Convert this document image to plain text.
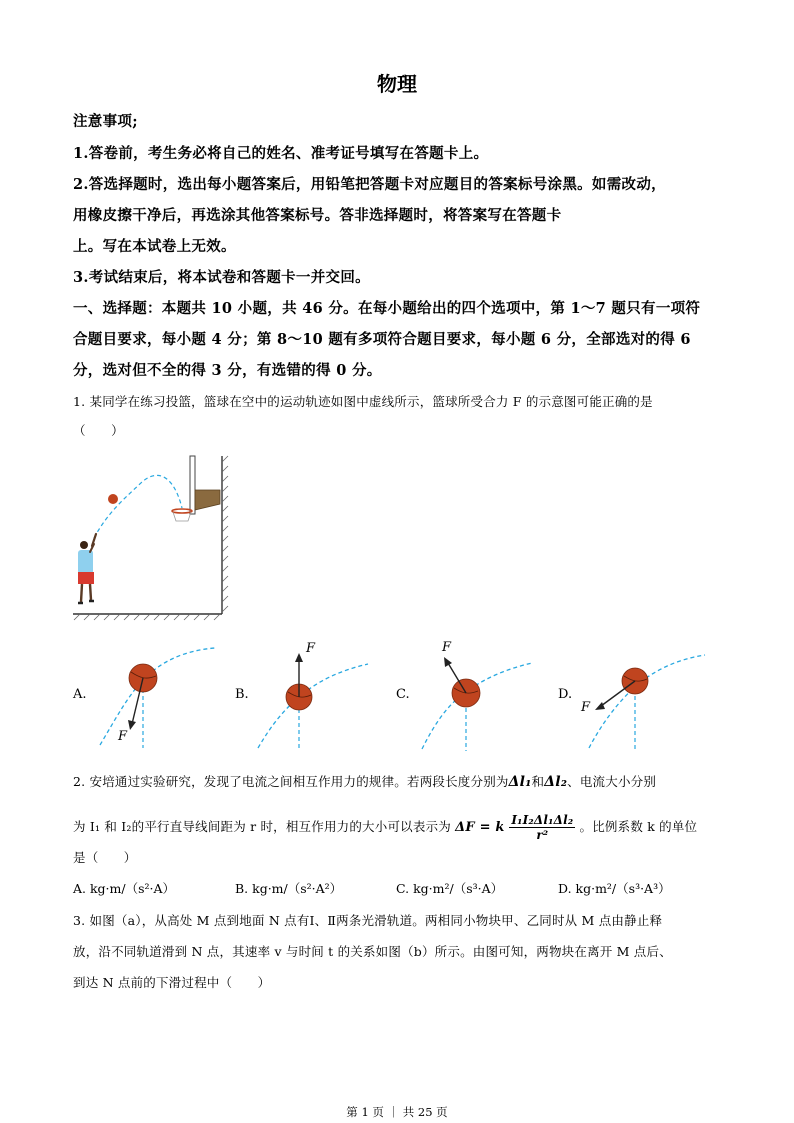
物理
注意事项;
1.答卷前，考生务必将自己的姓名、准考证号填写在答题卡上。
2.答选择题时，选出每小题答案后，用铅笔把答题卡对应题目的答案标号涂黑。如需改动，
用橡皮擦干净后，再选涂其他答案标号。答非选择题时，将答案写在答题卡
上。写在本试卷上无效。
3.考试结束后，将本试卷和答题卡一并交回。
一、选择题：本题共 10 小题，共 46 分。在每小题给出的四个选项中，第 1～7 题只有一项符
合题目要求，每小题 4 分；第 8～10 题有多项符合题目要求，每小题 6 分，全部选对的得 6
分，选对但不全的得 3 分，有选错的得 0 分。
1. 某同学在练习投篮，篮球在空中的运动轨迹如图中虚线所示，篮球所受合力 F 的示意图可能正确的是
（　　）
A.
F
B.
F
C.
F
D.
F
2. 安培通过实验研究，发现了电流之间相互作用力的规律。若两段长度分别为Δl₁和Δl₂、电流大小分别
为 I₁ 和 I₂的平行直导线间距为 r 时，相互作用力的大小可以表示为 ΔF = k $\frac{\text{I₁I₂Δl₁Δl₂}}{\text{r²}}$ 。比例系数 k 的单位
是（　　）
A. kg·m/（s²·A）	B. kg·m/（s²·A²）	C. kg·m²/（s³·A）	D. kg·m²/（s³·A³）
3. 如图（a），从高处 M 点到地面 N 点有Ⅰ、Ⅱ两条光滑轨道。两相同小物块甲、乙同时从 M 点由静止释
放，沿不同轨道滑到 N 点，其速率 v 与时间 t 的关系如图（b）所示。由图可知，两物块在离开 M 点后、
到达 N 点前的下滑过程中（　　）
第 1 页 ｜ 共 25 页
